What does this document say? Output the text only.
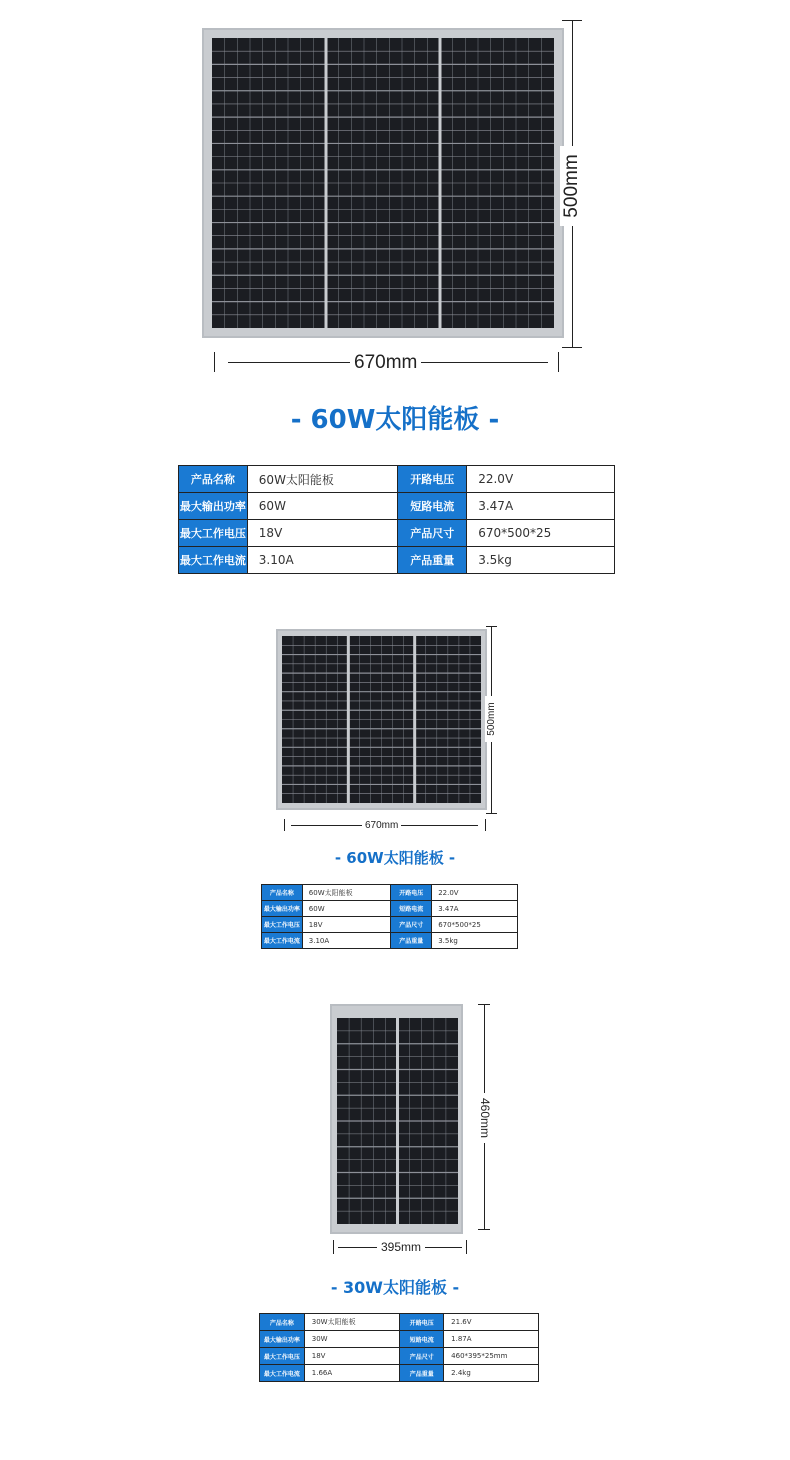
500mm
670mm
- 60W太阳能板 -
产品名称	60W太阳能板	开路电压	22.0V
最大输出功率	60W	短路电流	3.47A
最大工作电压	18V	产品尺寸	670*500*25
最大工作电流	3.10A	产品重量	3.5kg
500mm
670mm
- 60W太阳能板 -
产品名称	60W太阳能板	开路电压	22.0V
最大输出功率	60W	短路电流	3.47A
最大工作电压	18V	产品尺寸	670*500*25
最大工作电流	3.10A	产品重量	3.5kg
460mm
395mm
- 30W太阳能板 -
产品名称	30W太阳能板	开路电压	21.6V
最大输出功率	30W	短路电流	1.87A
最大工作电压	18V	产品尺寸	460*395*25mm
最大工作电流	1.66A	产品重量	2.4kg
